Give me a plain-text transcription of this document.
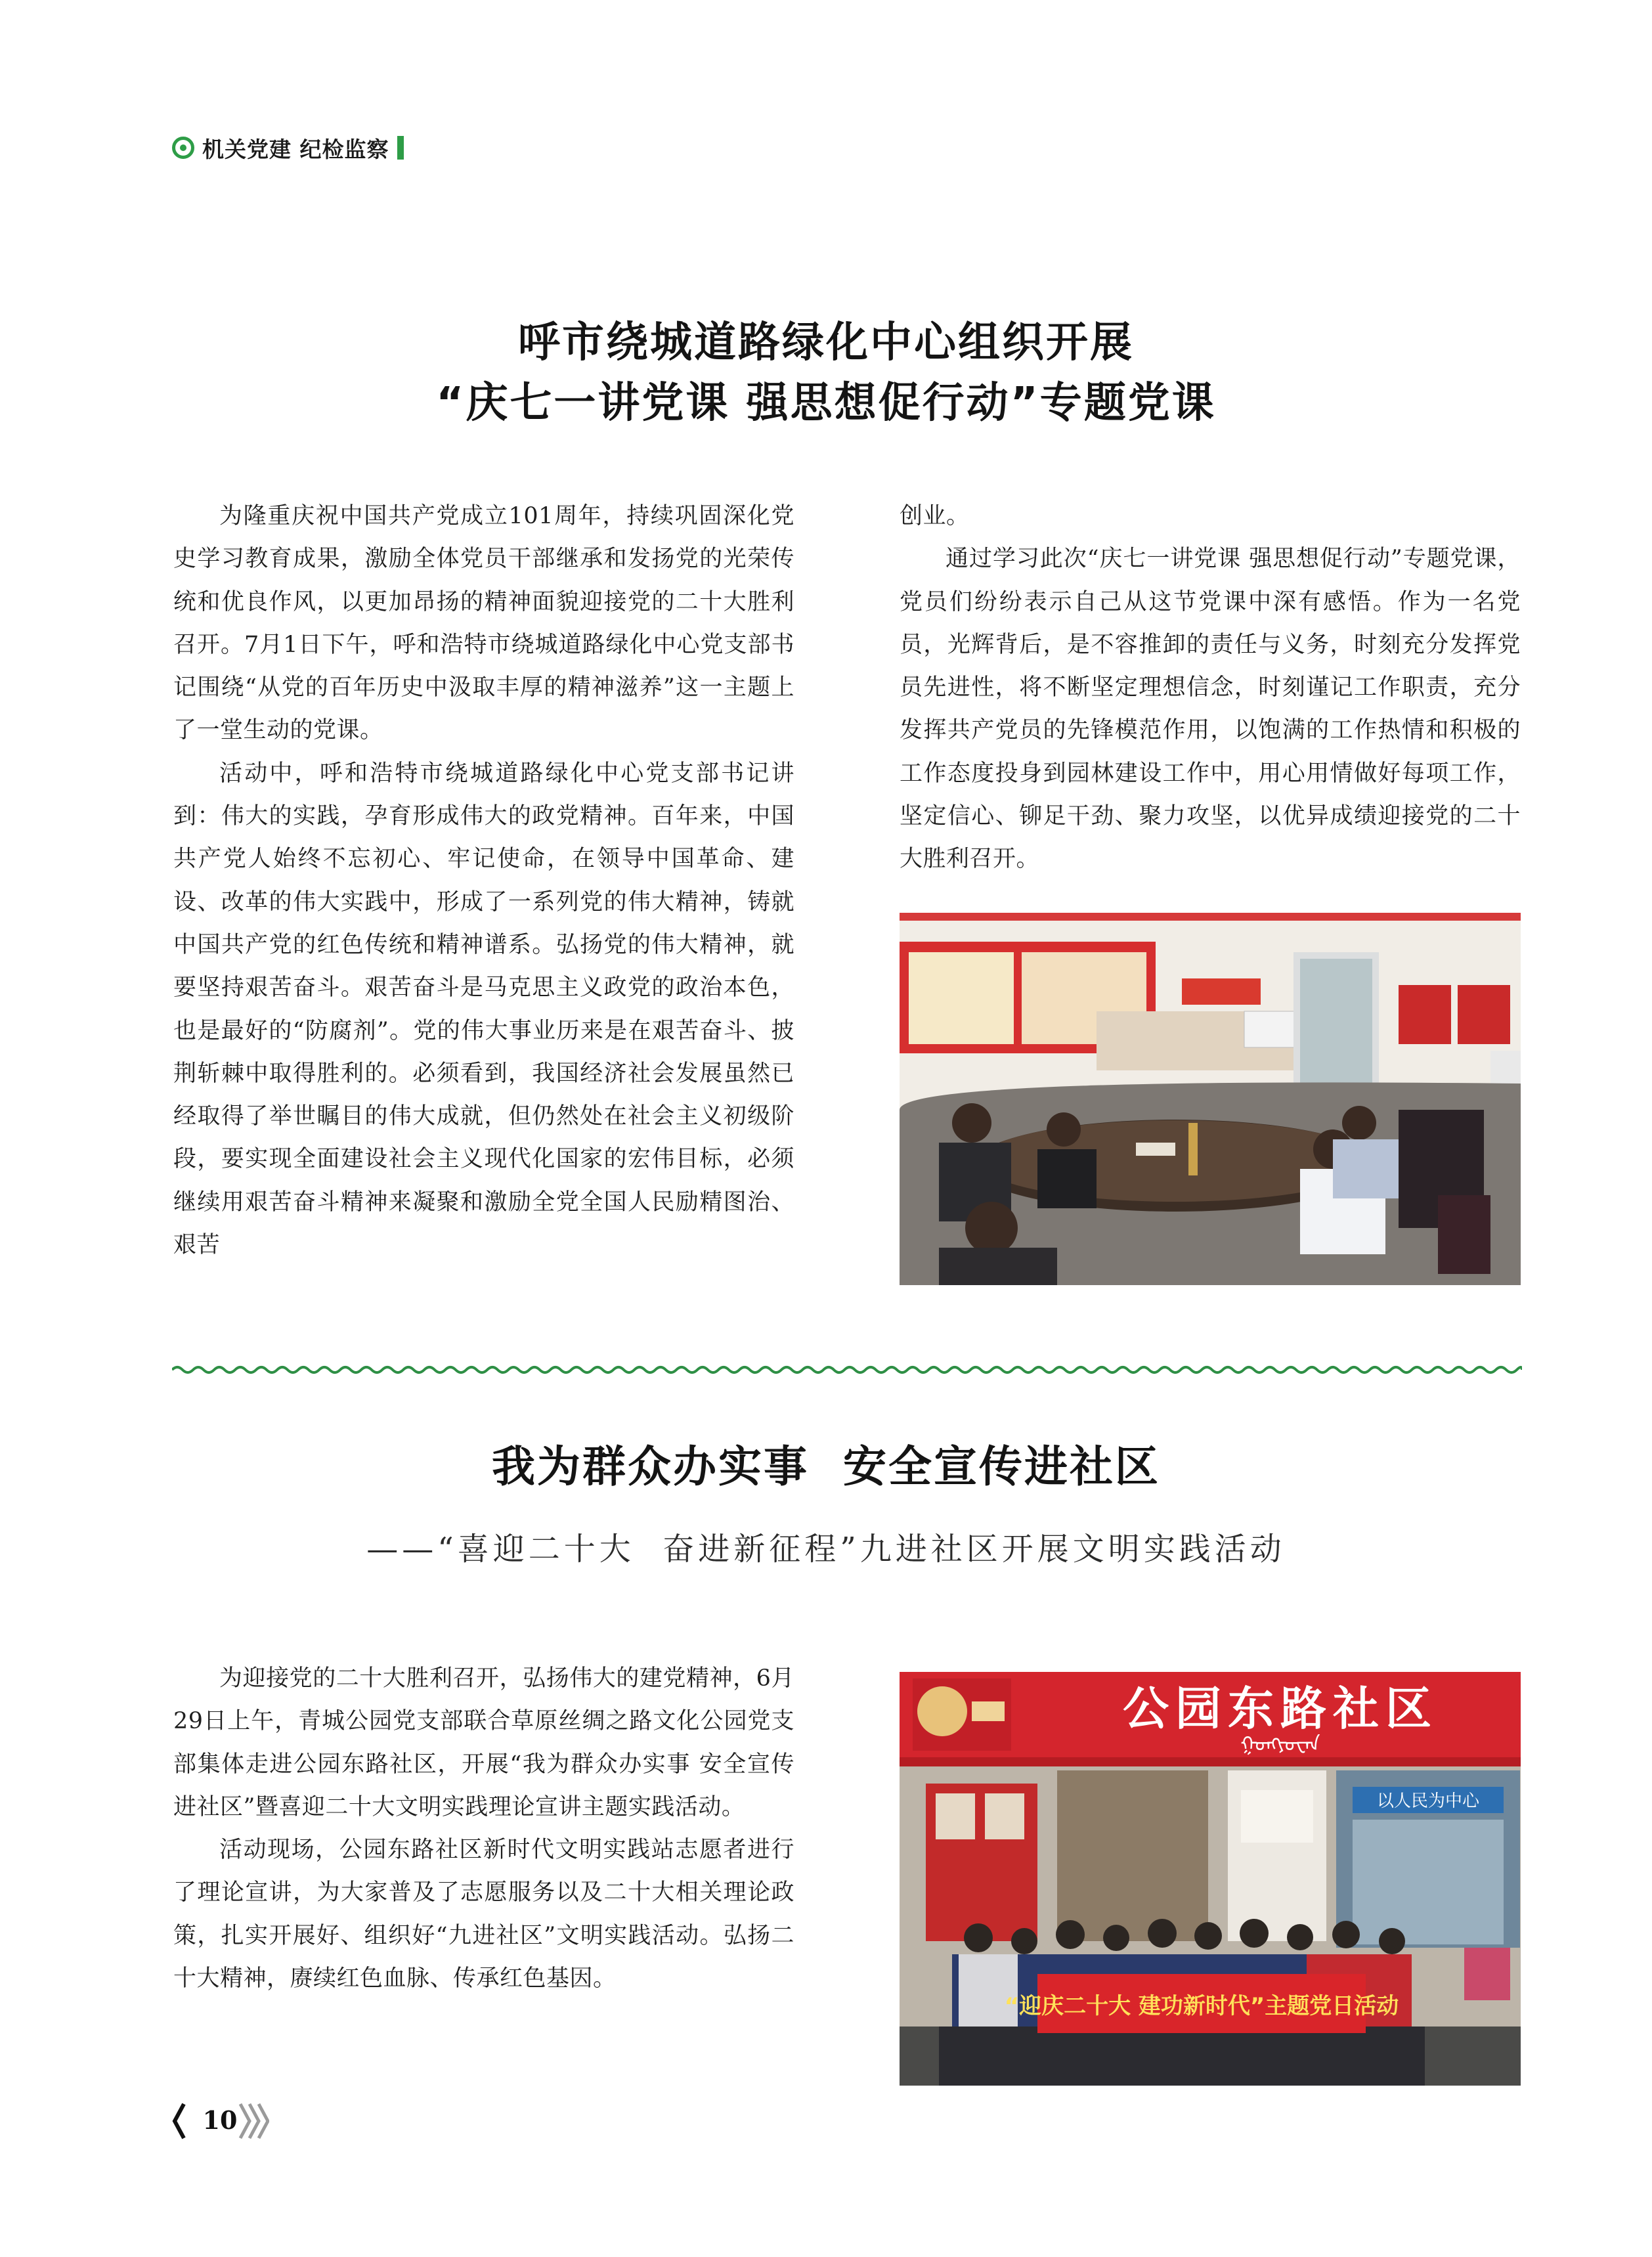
机关党建 纪检监察
呼市绕城道路绿化中心组织开展
“庆七一讲党课 强思想促行动”专题党课

为隆重庆祝中国共产党成立101周年，持续巩固深化党史学习教育成果，激励全体党员干部继承和发扬党的光荣传统和优良作风，以更加昂扬的精神面貌迎接党的二十大胜利召开。7月1日下午，呼和浩特市绕城道路绿化中心党支部书记围绕“从党的百年历史中汲取丰厚的精神滋养”这一主题上了一堂生动的党课。

活动中，呼和浩特市绕城道路绿化中心党支部书记讲到：伟大的实践，孕育形成伟大的政党精神。百年来，中国共产党人始终不忘初心、牢记使命，在领导中国革命、建设、改革的伟大实践中，形成了一系列党的伟大精神，铸就中国共产党的红色传统和精神谱系。弘扬党的伟大精神，就要坚持艰苦奋斗。艰苦奋斗是马克思主义政党的政治本色，也是最好的“防腐剂”。党的伟大事业历来是在艰苦奋斗、披荆斩棘中取得胜利的。必须看到，我国经济社会发展虽然已经取得了举世瞩目的伟大成就，但仍然处在社会主义初级阶段，要实现全面建设社会主义现代化国家的宏伟目标，必须继续用艰苦奋斗精神来凝聚和激励全党全国人民励精图治、艰苦

创业。

通过学习此次“庆七一讲党课 强思想促行动”专题党课，党员们纷纷表示自己从这节党课中深有感悟。作为一名党员，光辉背后，是不容推卸的责任与义务，时刻充分发挥党员先进性，将不断坚定理想信念，时刻谨记工作职责，充分发挥共产党员的先锋模范作用，以饱满的工作热情和积极的工作态度投身到园林建设工作中，用心用情做好每项工作，坚定信心、铆足干劲、聚力攻坚，以优异成绩迎接党的二十大胜利召开。

我为群众办实事  安全宣传进社区
——“喜迎二十大  奋进新征程”九进社区开展文明实践活动

为迎接党的二十大胜利召开，弘扬伟大的建党精神，6月29日上午，青城公园党支部联合草原丝绸之路文化公园党支部集体走进公园东路社区，开展“我为群众办实事 安全宣传进社区”暨喜迎二十大文明实践理论宣讲主题实践活动。

活动现场，公园东路社区新时代文明实践站志愿者进行了理论宣讲，为大家普及了志愿服务以及二十大相关理论政策，扎实开展好、组织好“九进社区”文明实践活动。弘扬二十大精神，赓续红色血脉、传承红色基因。

公园东路社区
ᠭᠣᠩᠶᠤᠸᠠᠨ
以人民为中心
“迎庆二十大 建功新时代”主题党日活动
10
